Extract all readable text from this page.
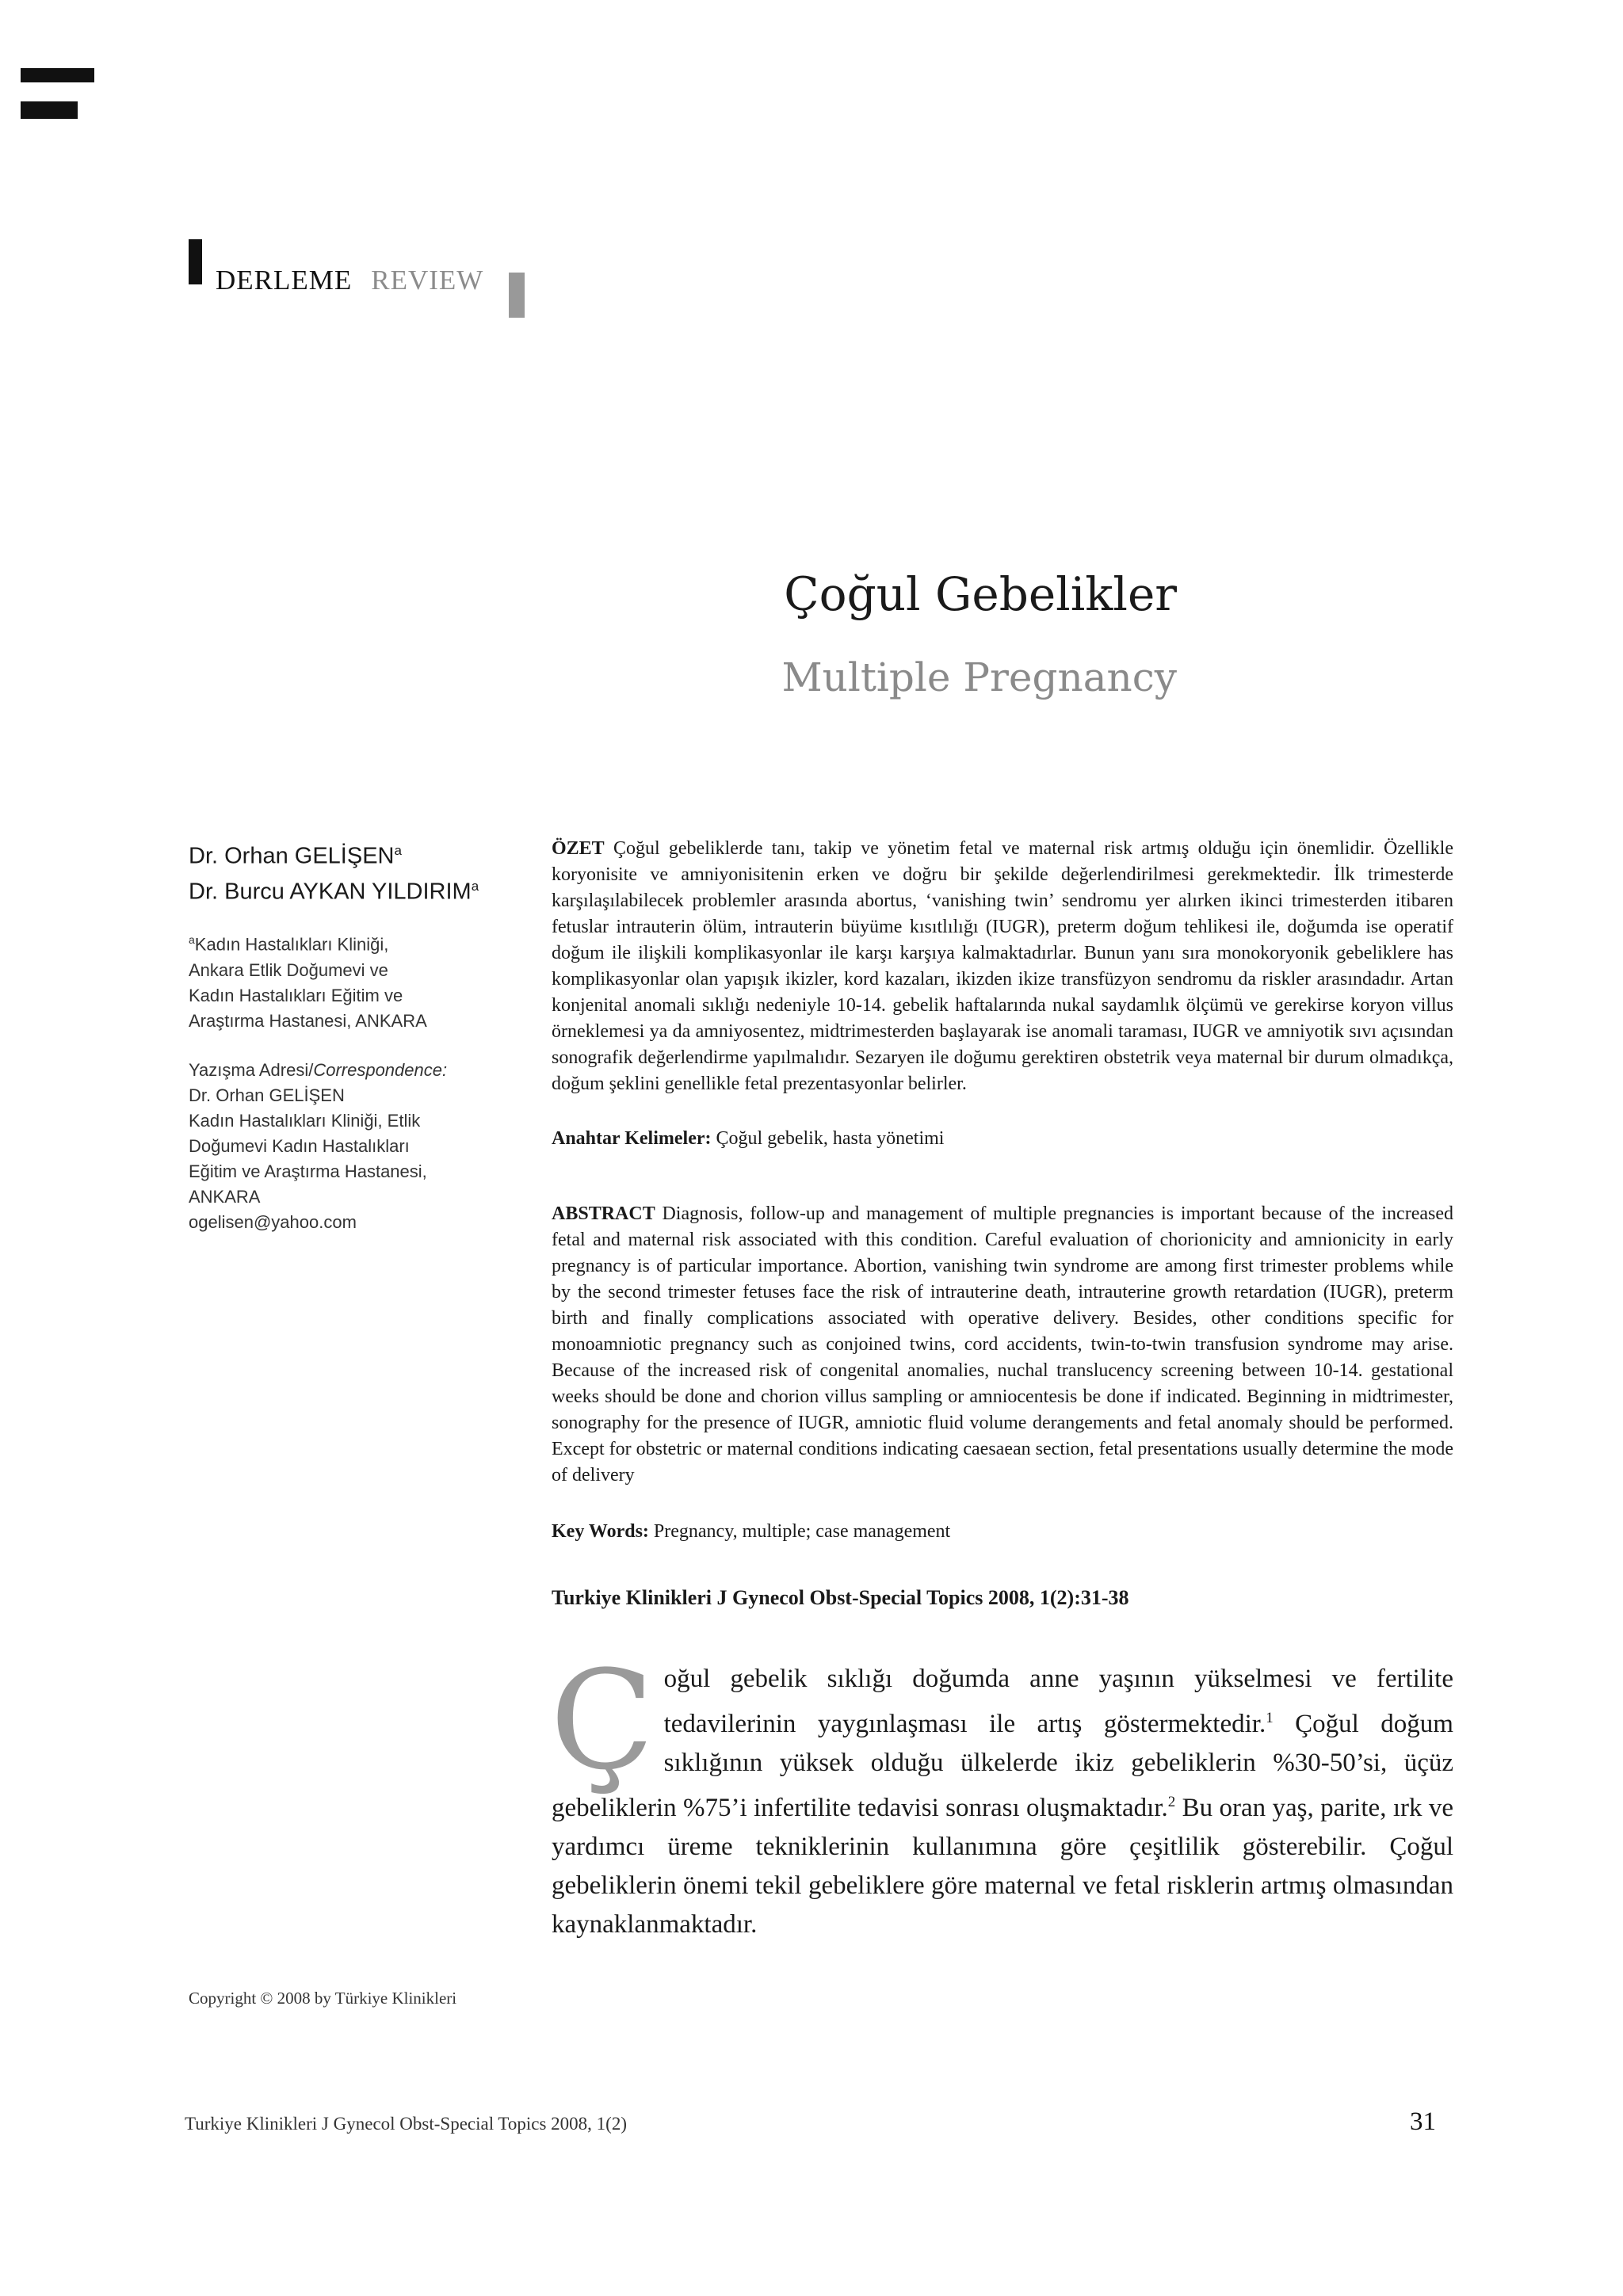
DERLEME REVIEW
Çoğul Gebelikler
Multiple Pregnancy
Dr. Orhan GELİŞEN$^a$
Dr. Burcu AYKAN YILDIRIM$^a$
$^a$Kadın Hastalıkları Kliniği,
Ankara Etlik Doğumevi ve
Kadın Hastalıkları Eğitim ve
Araştırma Hastanesi, ANKARA
Yazışma Adresi/Correspondence:
Dr. Orhan GELİŞEN
Kadın Hastalıkları Kliniği, Etlik
Doğumevi Kadın Hastalıkları
Eğitim ve Araştırma Hastanesi,
ANKARA
ogelisen@yahoo.com

ÖZET Çoğul gebeliklerde tanı, takip ve yönetim fetal ve maternal risk artmış olduğu için önemlidir. Özellikle koryonisite ve amniyonisitenin erken ve doğru bir şekilde değerlendirilmesi gerekmektedir. İlk trimesterde karşılaşılabilecek problemler arasında abortus, ‘vanishing twin’ sendromu yer alırken ikinci trimesterden itibaren fetuslar intrauterin ölüm, intrauterin büyüme kısıtlılığı (IUGR), preterm doğum tehlikesi ile, doğumda ise operatif doğum ile ilişkili komplikasyonlar ile karşı karşıya kalmaktadırlar. Bunun yanı sıra monokoryonik gebeliklere has komplikasyonlar olan yapışık ikizler, kord kazaları, ikizden ikize transfüzyon sendromu da riskler arasındadır. Artan konjenital anomali sıklığı nedeniyle 10-14. gebelik haftalarında nukal saydamlık ölçümü ve gerekirse koryon villus örneklemesi ya da amniyosentez, midtrimesterden başlayarak ise anomali taraması, IUGR ve amniyotik sıvı açısından sonografik değerlendirme yapılmalıdır. Sezaryen ile doğumu gerektiren obstetrik veya maternal bir durum olmadıkça, doğum şeklini genellikle fetal prezentasyonlar belirler.

Anahtar Kelimeler: Çoğul gebelik, hasta yönetimi

ABSTRACT Diagnosis, follow-up and management of multiple pregnancies is important because of the increased fetal and maternal risk associated with this condition. Careful evaluation of chorionicity and amnionicity in early pregnancy is of particular importance. Abortion, vanishing twin syndrome are among first trimester problems while by the second trimester fetuses face the risk of intrauterine death, intrauterine growth retardation (IUGR), preterm birth and finally complications associated with operative delivery. Besides, other conditions specific for monoamniotic pregnancy such as conjoined twins, cord accidents, twin-to-twin transfusion syndrome may arise. Because of the increased risk of congenital anomalies, nuchal translucency screening between 10-14. gestational weeks should be done and chorion villus sampling or amniocentesis be done if indicated. Beginning in midtrimester, sonography for the presence of IUGR, amniotic fluid volume derangements and fetal anomaly should be performed. Except for obstetric or maternal conditions indicating caesaean section, fetal presentations usually determine the mode of delivery

Key Words: Pregnancy, multiple; case management

Turkiye Klinikleri J Gynecol Obst-Special Topics 2008, 1(2):31-38

Çoğul gebelik sıklığı doğumda anne yaşının yükselmesi ve fertilite tedavilerinin yaygınlaşması ile artış göstermektedir.$^1$ Çoğul doğum sıklığının yüksek olduğu ülkelerde ikiz gebeliklerin %30-50’si, üçüz gebeliklerin %75’i infertilite tedavisi sonrası oluşmaktadır.$^2$ Bu oran yaş, parite, ırk ve yardımcı üreme tekniklerinin kullanımına göre çeşitlilik gösterebilir. Çoğul gebeliklerin önemi tekil gebeliklere göre maternal ve fetal risklerin artmış olmasından kaynaklanmaktadır.
Copyright © 2008 by Türkiye Klinikleri
Turkiye Klinikleri J Gynecol Obst-Special Topics 2008, 1(2)	31
